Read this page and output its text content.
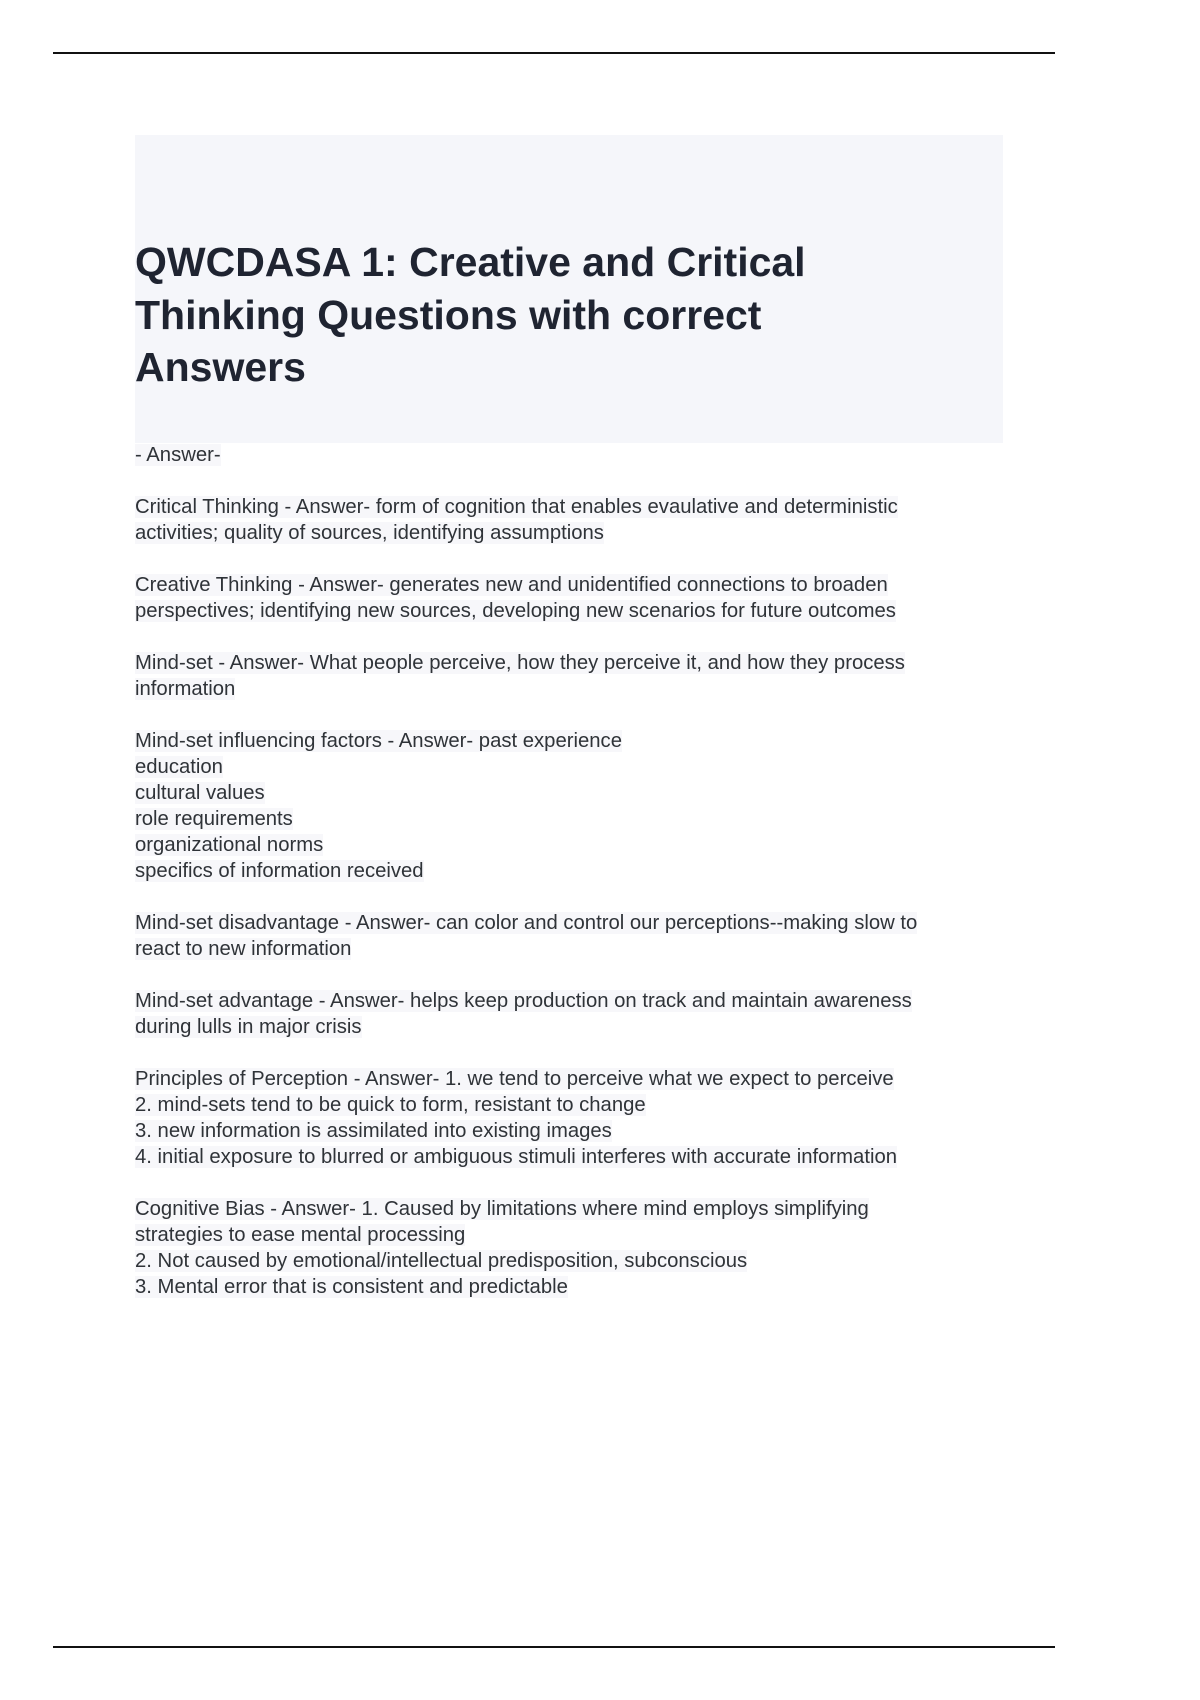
QWCDASA 1: Creative and Critical
Thinking Questions with correct
Answers

- Answer-

Critical Thinking - Answer- form of cognition that enables evaulative and deterministic
activities; quality of sources, identifying assumptions

Creative Thinking - Answer- generates new and unidentified connections to broaden
perspectives; identifying new sources, developing new scenarios for future outcomes

Mind-set - Answer- What people perceive, how they perceive it, and how they process
information

Mind-set influencing factors - Answer- past experience
education
cultural values
role requirements
organizational norms
specifics of information received

Mind-set disadvantage - Answer- can color and control our perceptions--making slow to
react to new information

Mind-set advantage - Answer- helps keep production on track and maintain awareness
during lulls in major crisis

Principles of Perception - Answer- 1. we tend to perceive what we expect to perceive
2. mind-sets tend to be quick to form, resistant to change
3. new information is assimilated into existing images
4. initial exposure to blurred or ambiguous stimuli interferes with accurate information

Cognitive Bias - Answer- 1. Caused by limitations where mind employs simplifying
strategies to ease mental processing
2. Not caused by emotional/intellectual predisposition, subconscious
3. Mental error that is consistent and predictable
